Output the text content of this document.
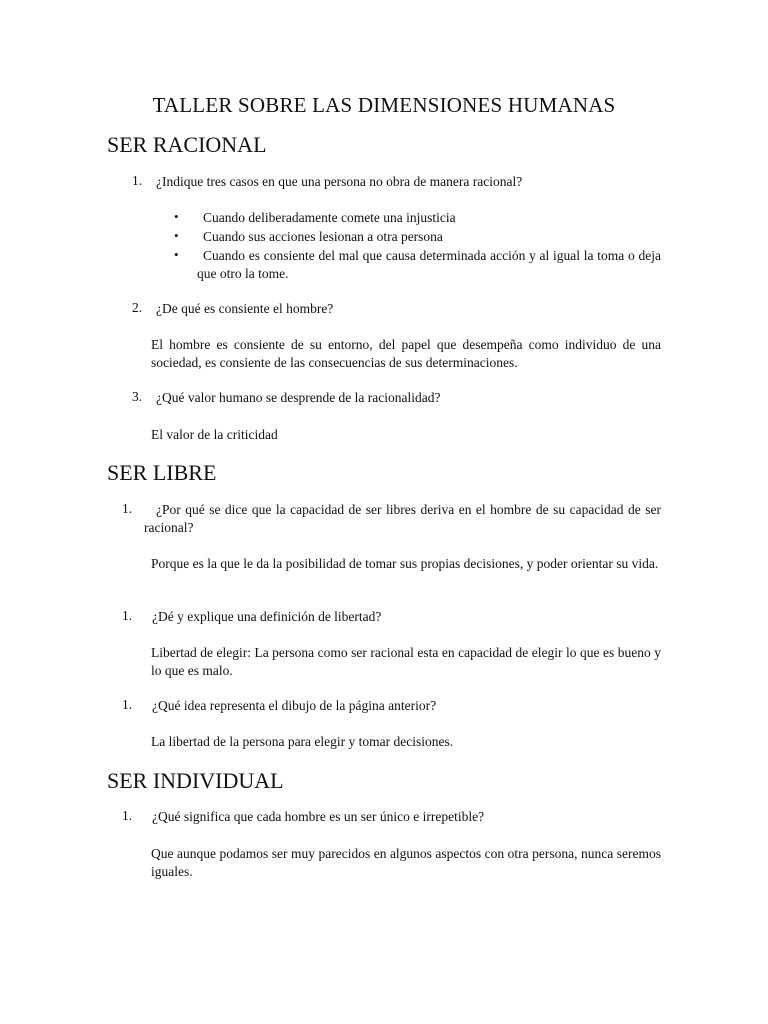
TALLER SOBRE LAS DIMENSIONES HUMANAS
SER RACIONAL
1. ¿Indique tres casos en que una persona no obra de manera racional?
•	Cuando deliberadamente comete una injusticia
•	Cuando sus acciones lesionan a otra persona
•	Cuando es consiente del mal que causa determinada acción y al igual la toma o deja que otro la tome.
2. ¿De qué es consiente el hombre?
El hombre es consiente de su entorno, del papel que desempeña como individuo de una sociedad, es consiente de las consecuencias de sus determinaciones.
3. ¿Qué valor humano se desprende de la racionalidad?
El valor de la criticidad
SER LIBRE
1.	¿Por qué se dice que la capacidad de ser libres deriva en el hombre de su capacidad de ser racional?
Porque es la que le da la posibilidad de tomar sus propias decisiones, y poder orientar su vida.
1. ¿Dé y explique una definición de libertad?
Libertad de elegir: La persona como ser racional esta en capacidad de elegir lo que es bueno y lo que es malo.
1. ¿Qué idea representa el dibujo de la página anterior?
La libertad de la persona para elegir y tomar decisiones.
SER INDIVIDUAL
1. ¿Qué significa que cada hombre es un ser único e irrepetible?
Que aunque podamos ser muy parecidos en algunos aspectos con otra persona, nunca seremos iguales.
